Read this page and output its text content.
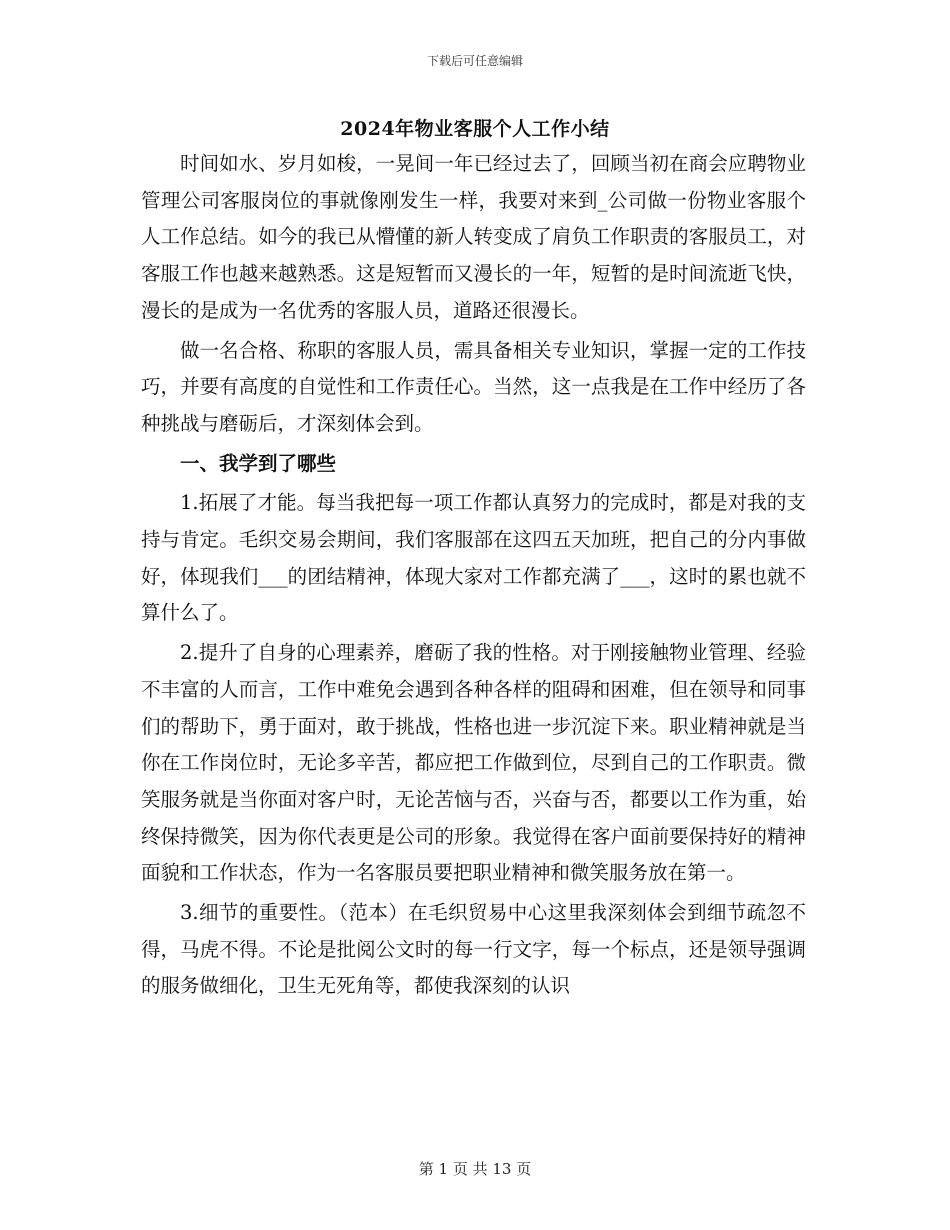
下载后可任意编辑
2024年物业客服个人工作小结

时间如水、岁月如梭，一晃间一年已经过去了，回顾当初在商会应聘物业管理公司客服岗位的事就像刚发生一样，我要对来到_公司做一份物业客服个人工作总结。如今的我已从懵懂的新人转变成了肩负工作职责的客服员工，对客服工作也越来越熟悉。这是短暂而又漫长的一年，短暂的是时间流逝飞快，漫长的是成为一名优秀的客服人员，道路还很漫长。

做一名合格、称职的客服人员，需具备相关专业知识，掌握一定的工作技巧，并要有高度的自觉性和工作责任心。当然，这一点我是在工作中经历了各种挑战与磨砺后，才深刻体会到。

一、我学到了哪些

1.拓展了才能。每当我把每一项工作都认真努力的完成时，都是对我的支持与肯定。毛织交易会期间，我们客服部在这四五天加班，把自己的分内事做好，体现我们___的团结精神，体现大家对工作都充满了___，这时的累也就不算什么了。

2.提升了自身的心理素养，磨砺了我的性格。对于刚接触物业管理、经验不丰富的人而言，工作中难免会遇到各种各样的阻碍和困难，但在领导和同事们的帮助下，勇于面对，敢于挑战，性格也进一步沉淀下来。职业精神就是当你在工作岗位时，无论多辛苦，都应把工作做到位，尽到自己的工作职责。微笑服务就是当你面对客户时，无论苦恼与否，兴奋与否，都要以工作为重，始终保持微笑，因为你代表更是公司的形象。我觉得在客户面前要保持好的精神面貌和工作状态，作为一名客服员要把职业精神和微笑服务放在第一。

3.细节的重要性。（范本）在毛织贸易中心这里我深刻体会到细节疏忽不得，马虎不得。不论是批阅公文时的每一行文字，每一个标点，还是领导强调的服务做细化，卫生无死角等，都使我深刻的认识

第 1 页 共 13 页
